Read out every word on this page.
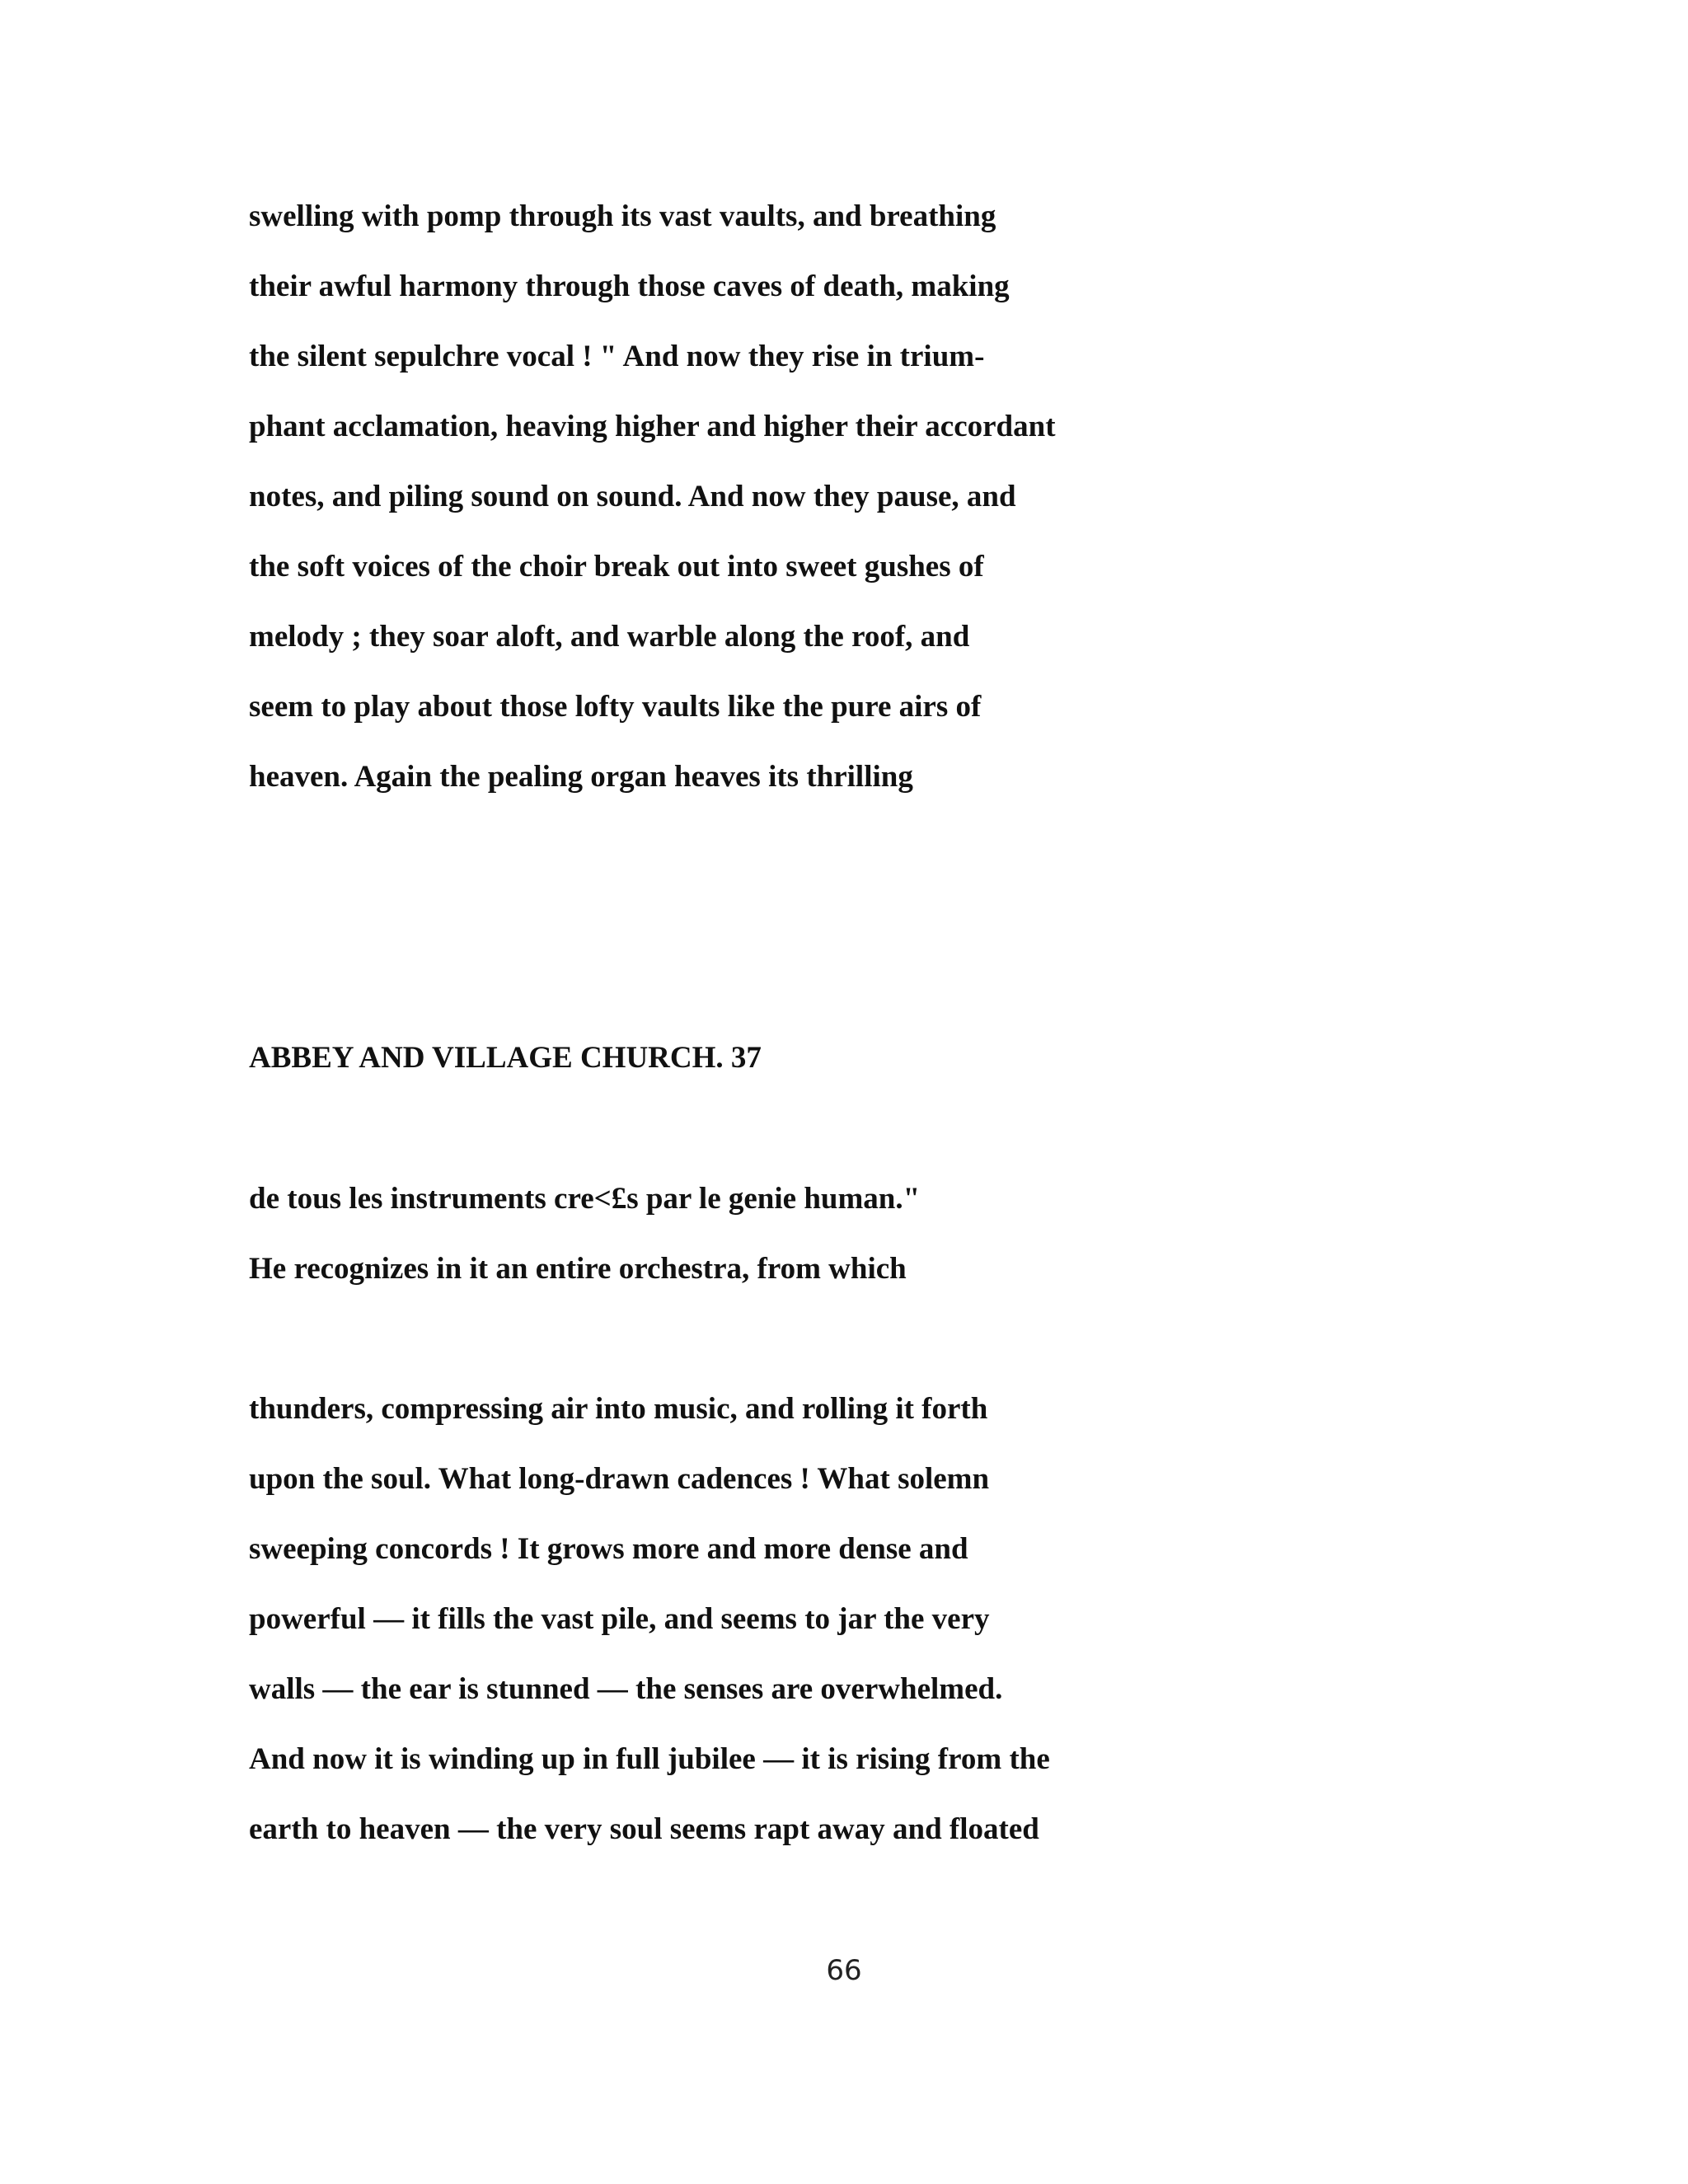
swelling with pomp through its vast vaults, and breathing

their awful harmony through those caves of death, making

the silent sepulchre vocal ! " And now they rise in trium-

phant acclamation, heaving higher and higher their accordant

notes, and piling sound on sound. And now they pause, and

the soft voices of the choir break out into sweet gushes of

melody ; they soar aloft, and warble along the roof, and

seem to play about those lofty vaults like the pure airs of

heaven. Again the pealing organ heaves its thrilling

ABBEY AND VILLAGE CHURCH. 37

de tous les instruments cre<£s par le genie human."

He recognizes in it an entire orchestra, from which

thunders, compressing air into music, and rolling it forth

upon the soul. What long-drawn cadences ! What solemn

sweeping concords ! It grows more and more dense and

powerful — it fills the vast pile, and seems to jar the very

walls — the ear is stunned — the senses are overwhelmed.

And now it is winding up in full jubilee — it is rising from the

earth to heaven — the very soul seems rapt away and floated

66
